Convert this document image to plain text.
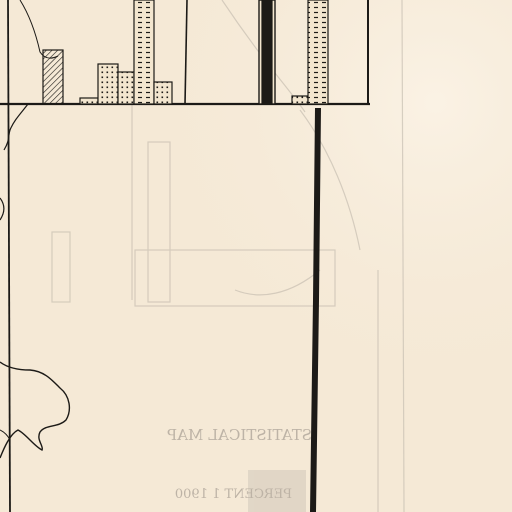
STATISTICAL MAP
PERCENT 1 1900
